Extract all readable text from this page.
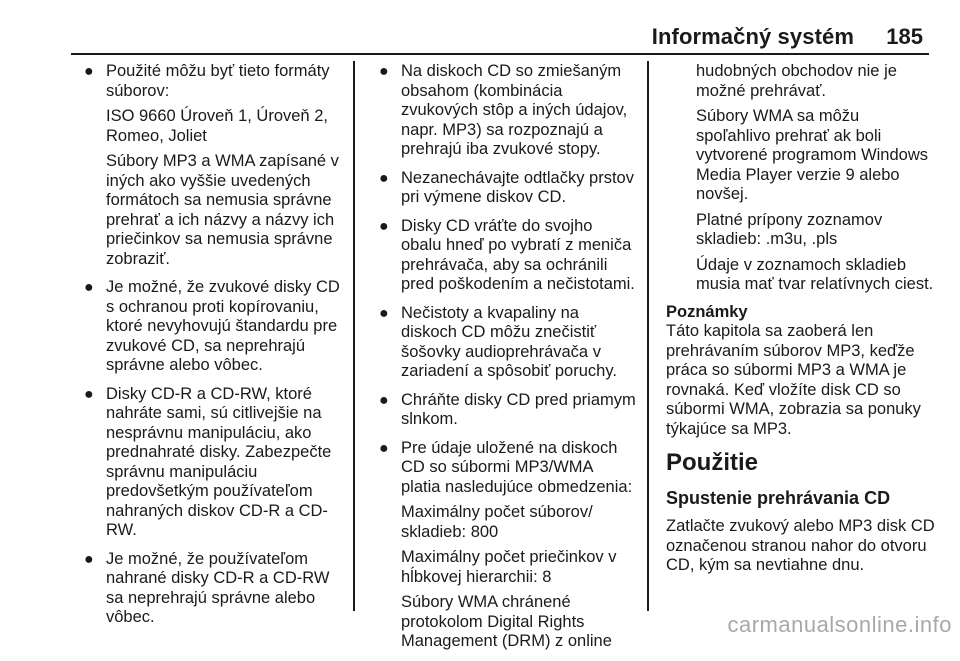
Informačný systém 185
● Použité môžu byť tieto formáty súborov:

ISO 9660 Úroveň 1, Úroveň 2, Romeo, Joliet

Súbory MP3 a WMA zapísané v iných ako vyššie uvedených formátoch sa nemusia správne prehrať a ich názvy a názvy ich priečinkov sa nemusia správne zobraziť.

● Je možné, že zvukové disky CD s ochranou proti kopírovaniu, ktoré nevyhovujú štandardu pre zvukové CD, sa neprehrajú správne alebo vôbec.

● Disky CD-R a CD-RW, ktoré nahráte sami, sú citlivejšie na nesprávnu manipuláciu, ako prednahraté disky. Zabezpečte správnu manipuláciu predovšetkým používateľom nahraných diskov CD-R a CD-RW.

● Je možné, že používateľom nahrané disky CD-R a CD-RW sa neprehrajú správne alebo vôbec.

● Na diskoch CD so zmiešaným obsahom (kombinácia zvukových stôp a iných údajov, napr. MP3) sa rozpoznajú a prehrajú iba zvukové stopy.

● Nezanechávajte odtlačky prstov pri výmene diskov CD.

● Disky CD vráťte do svojho obalu hneď po vybratí z meniča prehrávača, aby sa ochránili pred poškodením a nečistotami.

● Nečistoty a kvapaliny na diskoch CD môžu znečistiť šošovky audioprehrávača v zariadení a spôsobiť poruchy.

● Chráňte disky CD pred priamym slnkom.

● Pre údaje uložené na diskoch CD so súbormi MP3/WMA platia nasledujúce obmedzenia:

Maximálny počet súborov/ skladieb: 800

Maximálny počet priečinkov v hĺbkovej hierarchii: 8

Súbory WMA chránené protokolom Digital Rights Management (DRM) z online

hudobných obchodov nie je možné prehrávať.

Súbory WMA sa môžu spoľahlivo prehrať ak boli vytvorené programom Windows Media Player verzie 9 alebo novšej.

Platné prípony zoznamov skladieb: .m3u, .pls

Údaje v zoznamoch skladieb musia mať tvar relatívnych ciest.

Poznámky

Táto kapitola sa zaoberá len prehrávaním súborov MP3, keďže práca so súbormi MP3 a WMA je rovnaká. Keď vložíte disk CD so súbormi WMA, zobrazia sa ponuky týkajúce sa MP3.

Použitie

Spustenie prehrávania CD

Zatlačte zvukový alebo MP3 disk CD označenou stranou nahor do otvoru CD, kým sa nevtiahne dnu.

carmanualsonline.info
